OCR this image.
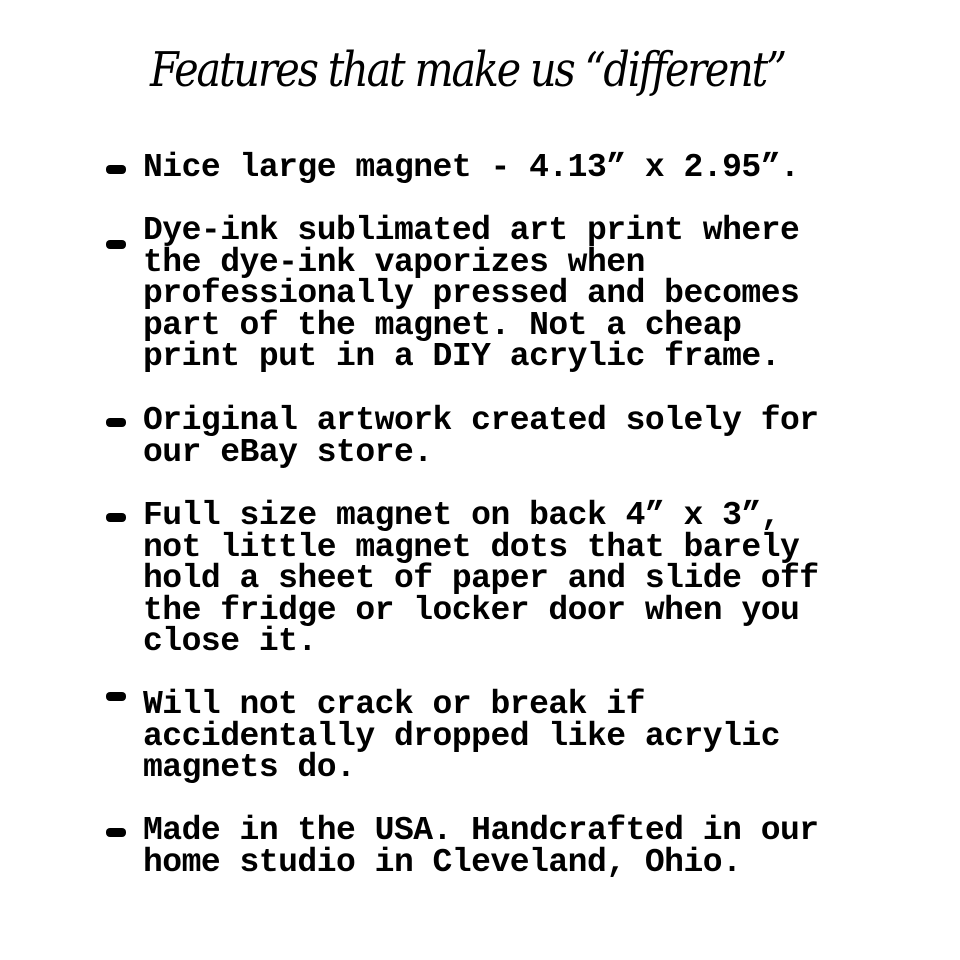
Features that make us “different”

Nice large magnet - 4.13” x 2.95”.

Dye-ink sublimated art print where
the dye-ink vaporizes when
professionally pressed and becomes
part of the magnet. Not a cheap
print put in a DIY acrylic frame.

Original artwork created solely for
our eBay store.

Full size magnet on back 4” x 3”,
not little magnet dots that barely
hold a sheet of paper and slide off
the fridge or locker door when you
close it.

Will not crack or break if
accidentally dropped like acrylic
magnets do.

Made in the USA. Handcrafted in our
home studio in Cleveland, Ohio.
